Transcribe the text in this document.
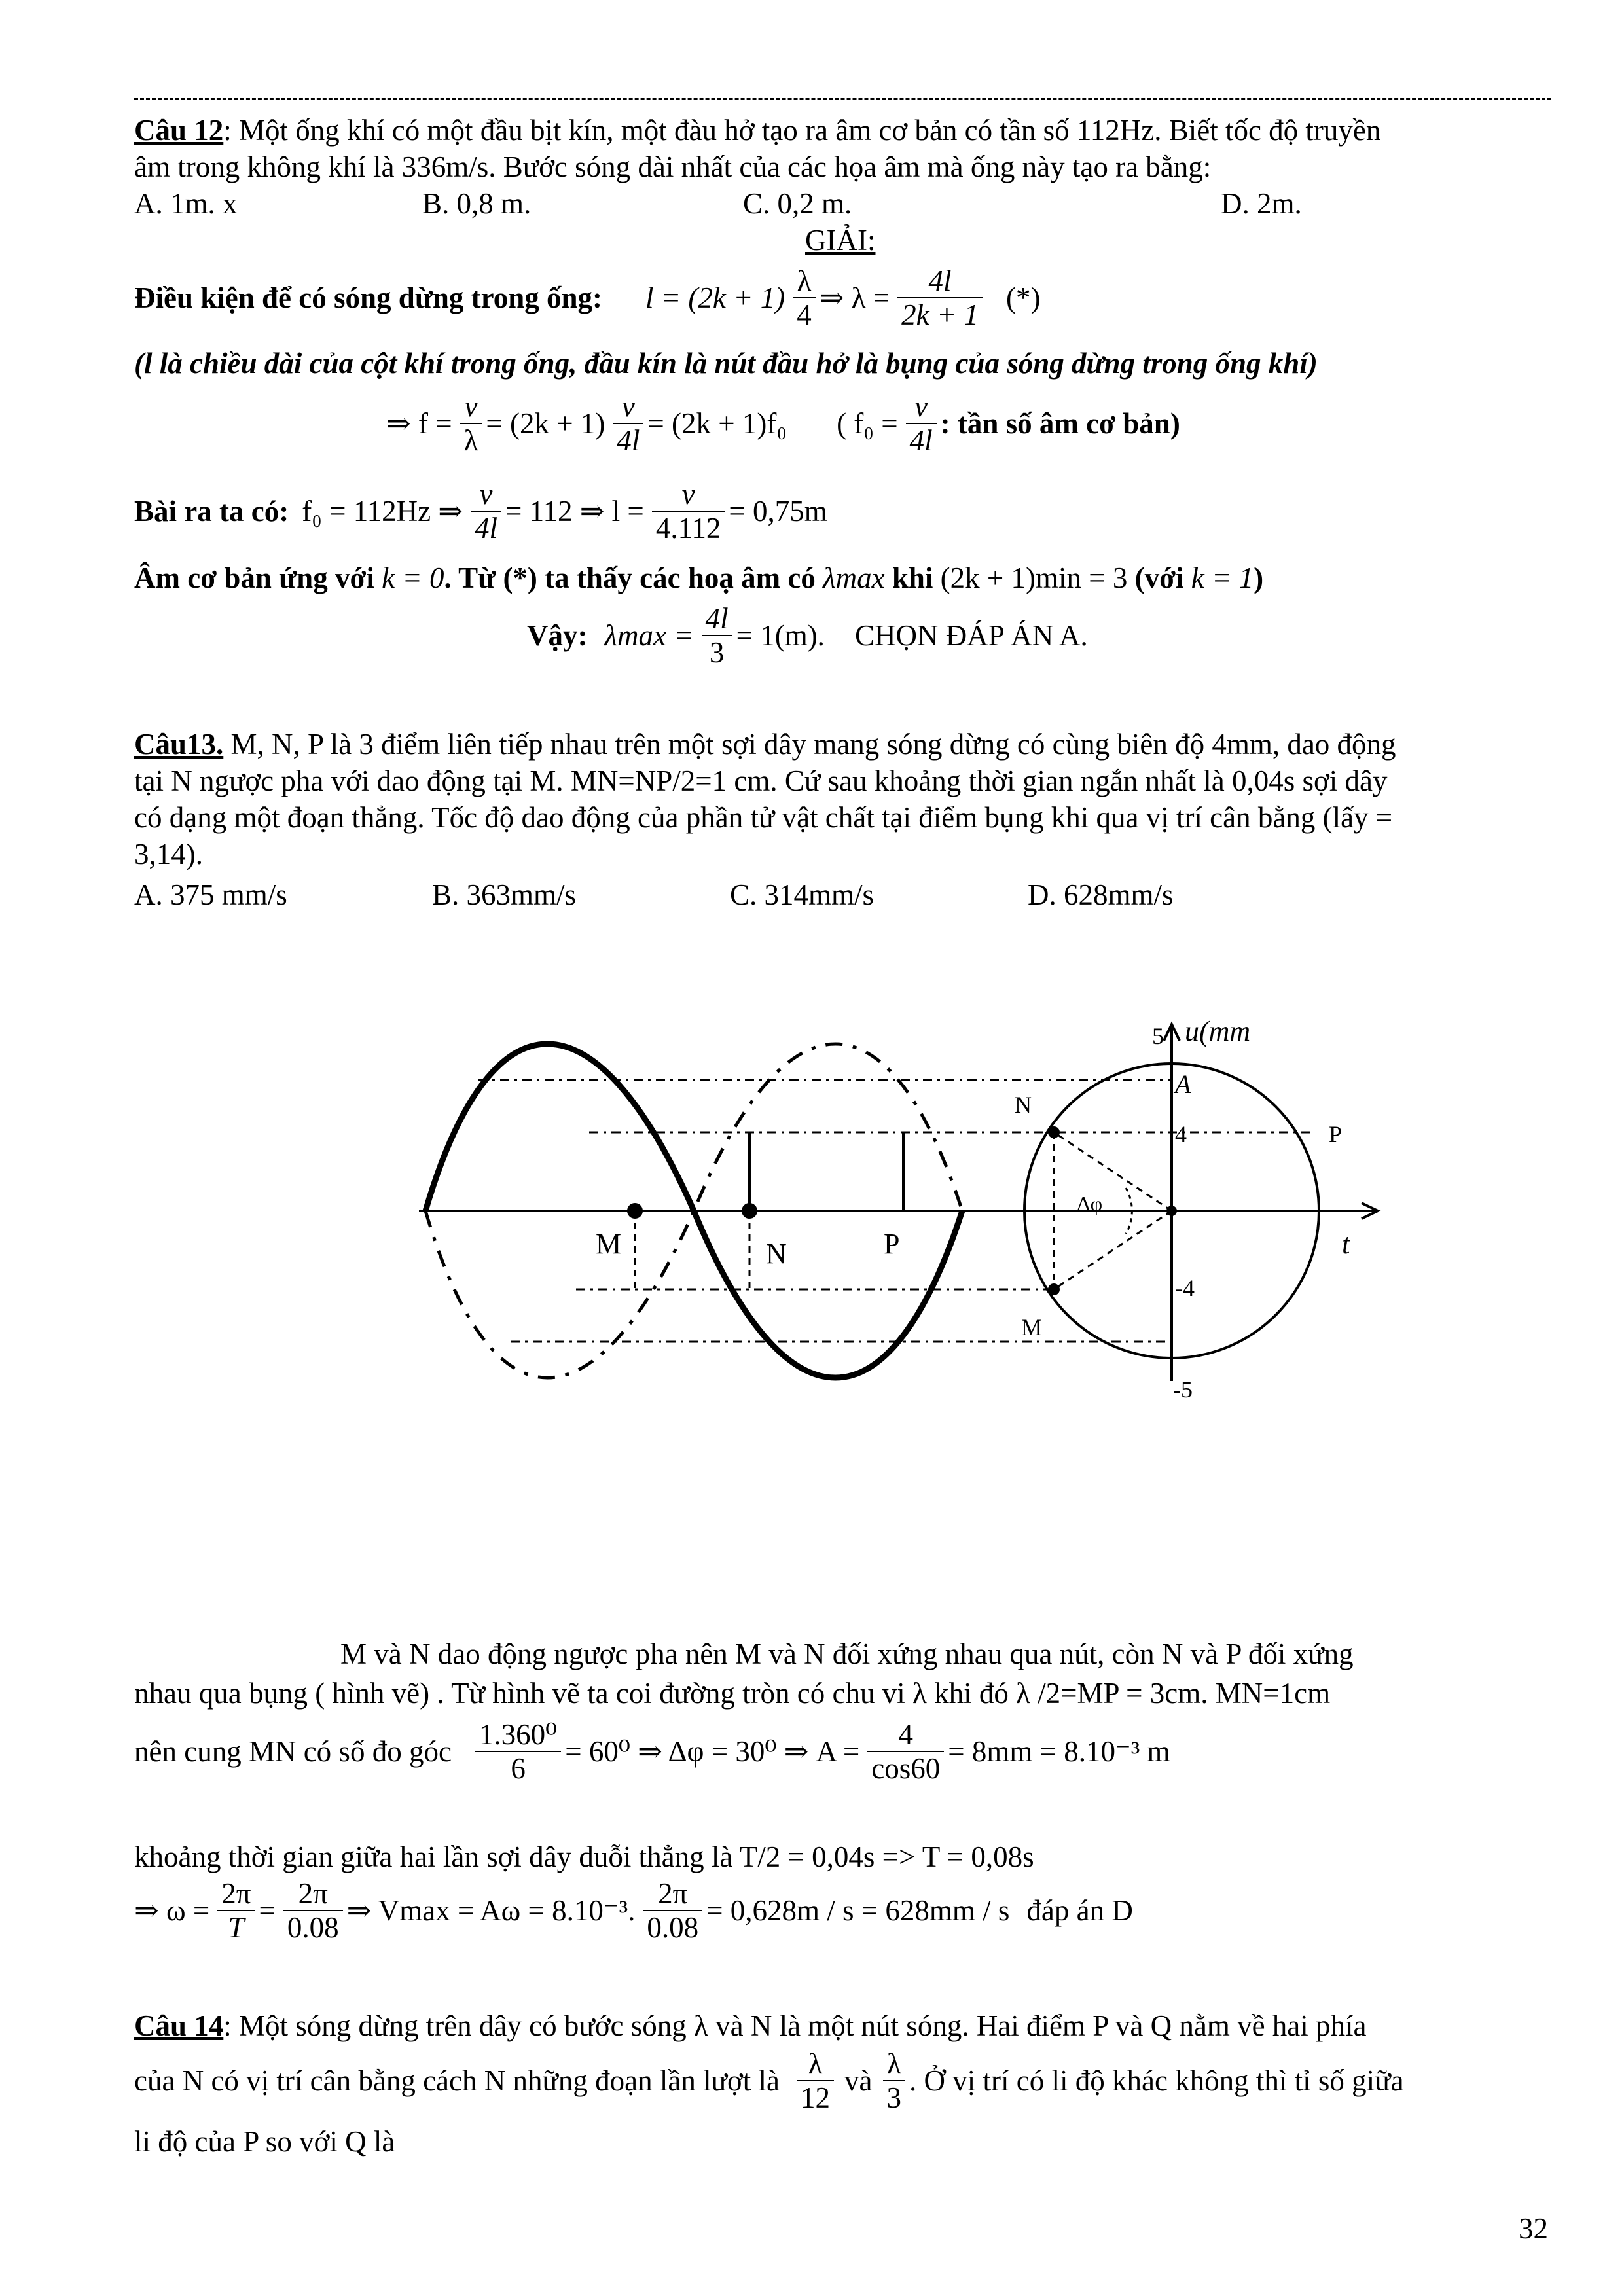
Câu 12: Một ống khí có một đầu bịt kín, một đàu hở tạo ra âm cơ bản có tần số 112Hz. Biết tốc độ truyền
âm trong không khí là 336m/s. Bước sóng dài nhất của các họa âm mà ống này tạo ra bằng:
A. 1m. x	B. 0,8 m.	C. 0,2 m.	D. 2m.
GIẢI:
Điều kiện để có sóng dừng trong ống: $l = (2k + 1) \frac{\lambda}{4}$ ⇒ $\lambda = \frac{4l}{2k + 1}$ (*)
(l là chiều dài của cột khí trong ống, đầu kín là nút đầu hở là bụng của sóng dừng trong ống khí)
⇒ $f = \frac{v}{\lambda} = (2k + 1) \frac{v}{4l} = (2k + 1)f_0$ ( $f_0 = \frac{v}{4l}$ : tần số âm cơ bản)
Bài ra ta có: f₀ = 112Hz ⇒ $\frac{v}{4l} = 112$ ⇒ $l = \frac{v}{4.112} = 0,75m$
Âm cơ bản ứng với k = 0. Từ (*) ta thấy các hoạ âm có λmax khi (2k + 1)min = 3 (với k = 1)
Vậy: $\lambda\max = \frac{4l}{3} = 1(m)$. CHỌN ĐÁP ÁN A.
Câu13. M, N, P là 3 điểm liên tiếp nhau trên một sợi dây mang sóng dừng có cùng biên độ 4mm, dao động
tại N ngược pha với dao động tại M. MN=NP/2=1 cm. Cứ sau khoảng thời gian ngắn nhất là 0,04s sợi dây
có dạng một đoạn thẳng. Tốc độ dao động của phần tử vật chất tại điểm bụng khi qua vị trí cân bằng (lấy =
3,14).
A. 375 mm/s	B. 363mm/s	C. 314mm/s	D. 628mm/s
u(mm
5
A
4
-4
-5
N
P
M
Δφ
t
M	N	P
M và N dao động ngược pha nên M và N đối xứng nhau qua nút, còn N và P đối xứng
nhau qua bụng ( hình vẽ) . Từ hình vẽ ta coi đường tròn có chu vi λ khi đó λ /2=MP = 3cm. MN=1cm
nên cung MN có số đo góc $\frac{\text{1.360⁰}}{6} = 60^0$ ⇒ Δφ = 30⁰ ⇒ $A = \frac{4}{\cos 60} = 8mm = 8.10^{-3}$ m
khoảng thời gian giữa hai lần sợi dây duỗi thẳng là T/2 = 0,04s => T = 0,08s
⇒ $\omega = \frac{2\pi}{T} = \frac{2\pi}{0.08}$ ⇒ Vmax = Aω = 8.10⁻³. $\frac{2\pi}{0.08} = 0,628m / s = 628mm / s$ đáp án D
Câu 14: Một sóng dừng trên dây có bước sóng λ và N là một nút sóng. Hai điểm P và Q nằm về hai phía
của N có vị trí cân bằng cách N những đoạn lần lượt là $\frac{\lambda}{12}$ và $\frac{\lambda}{3}$ . Ở vị trí có li độ khác không thì tỉ số giữa
li độ của P so với Q là
32
